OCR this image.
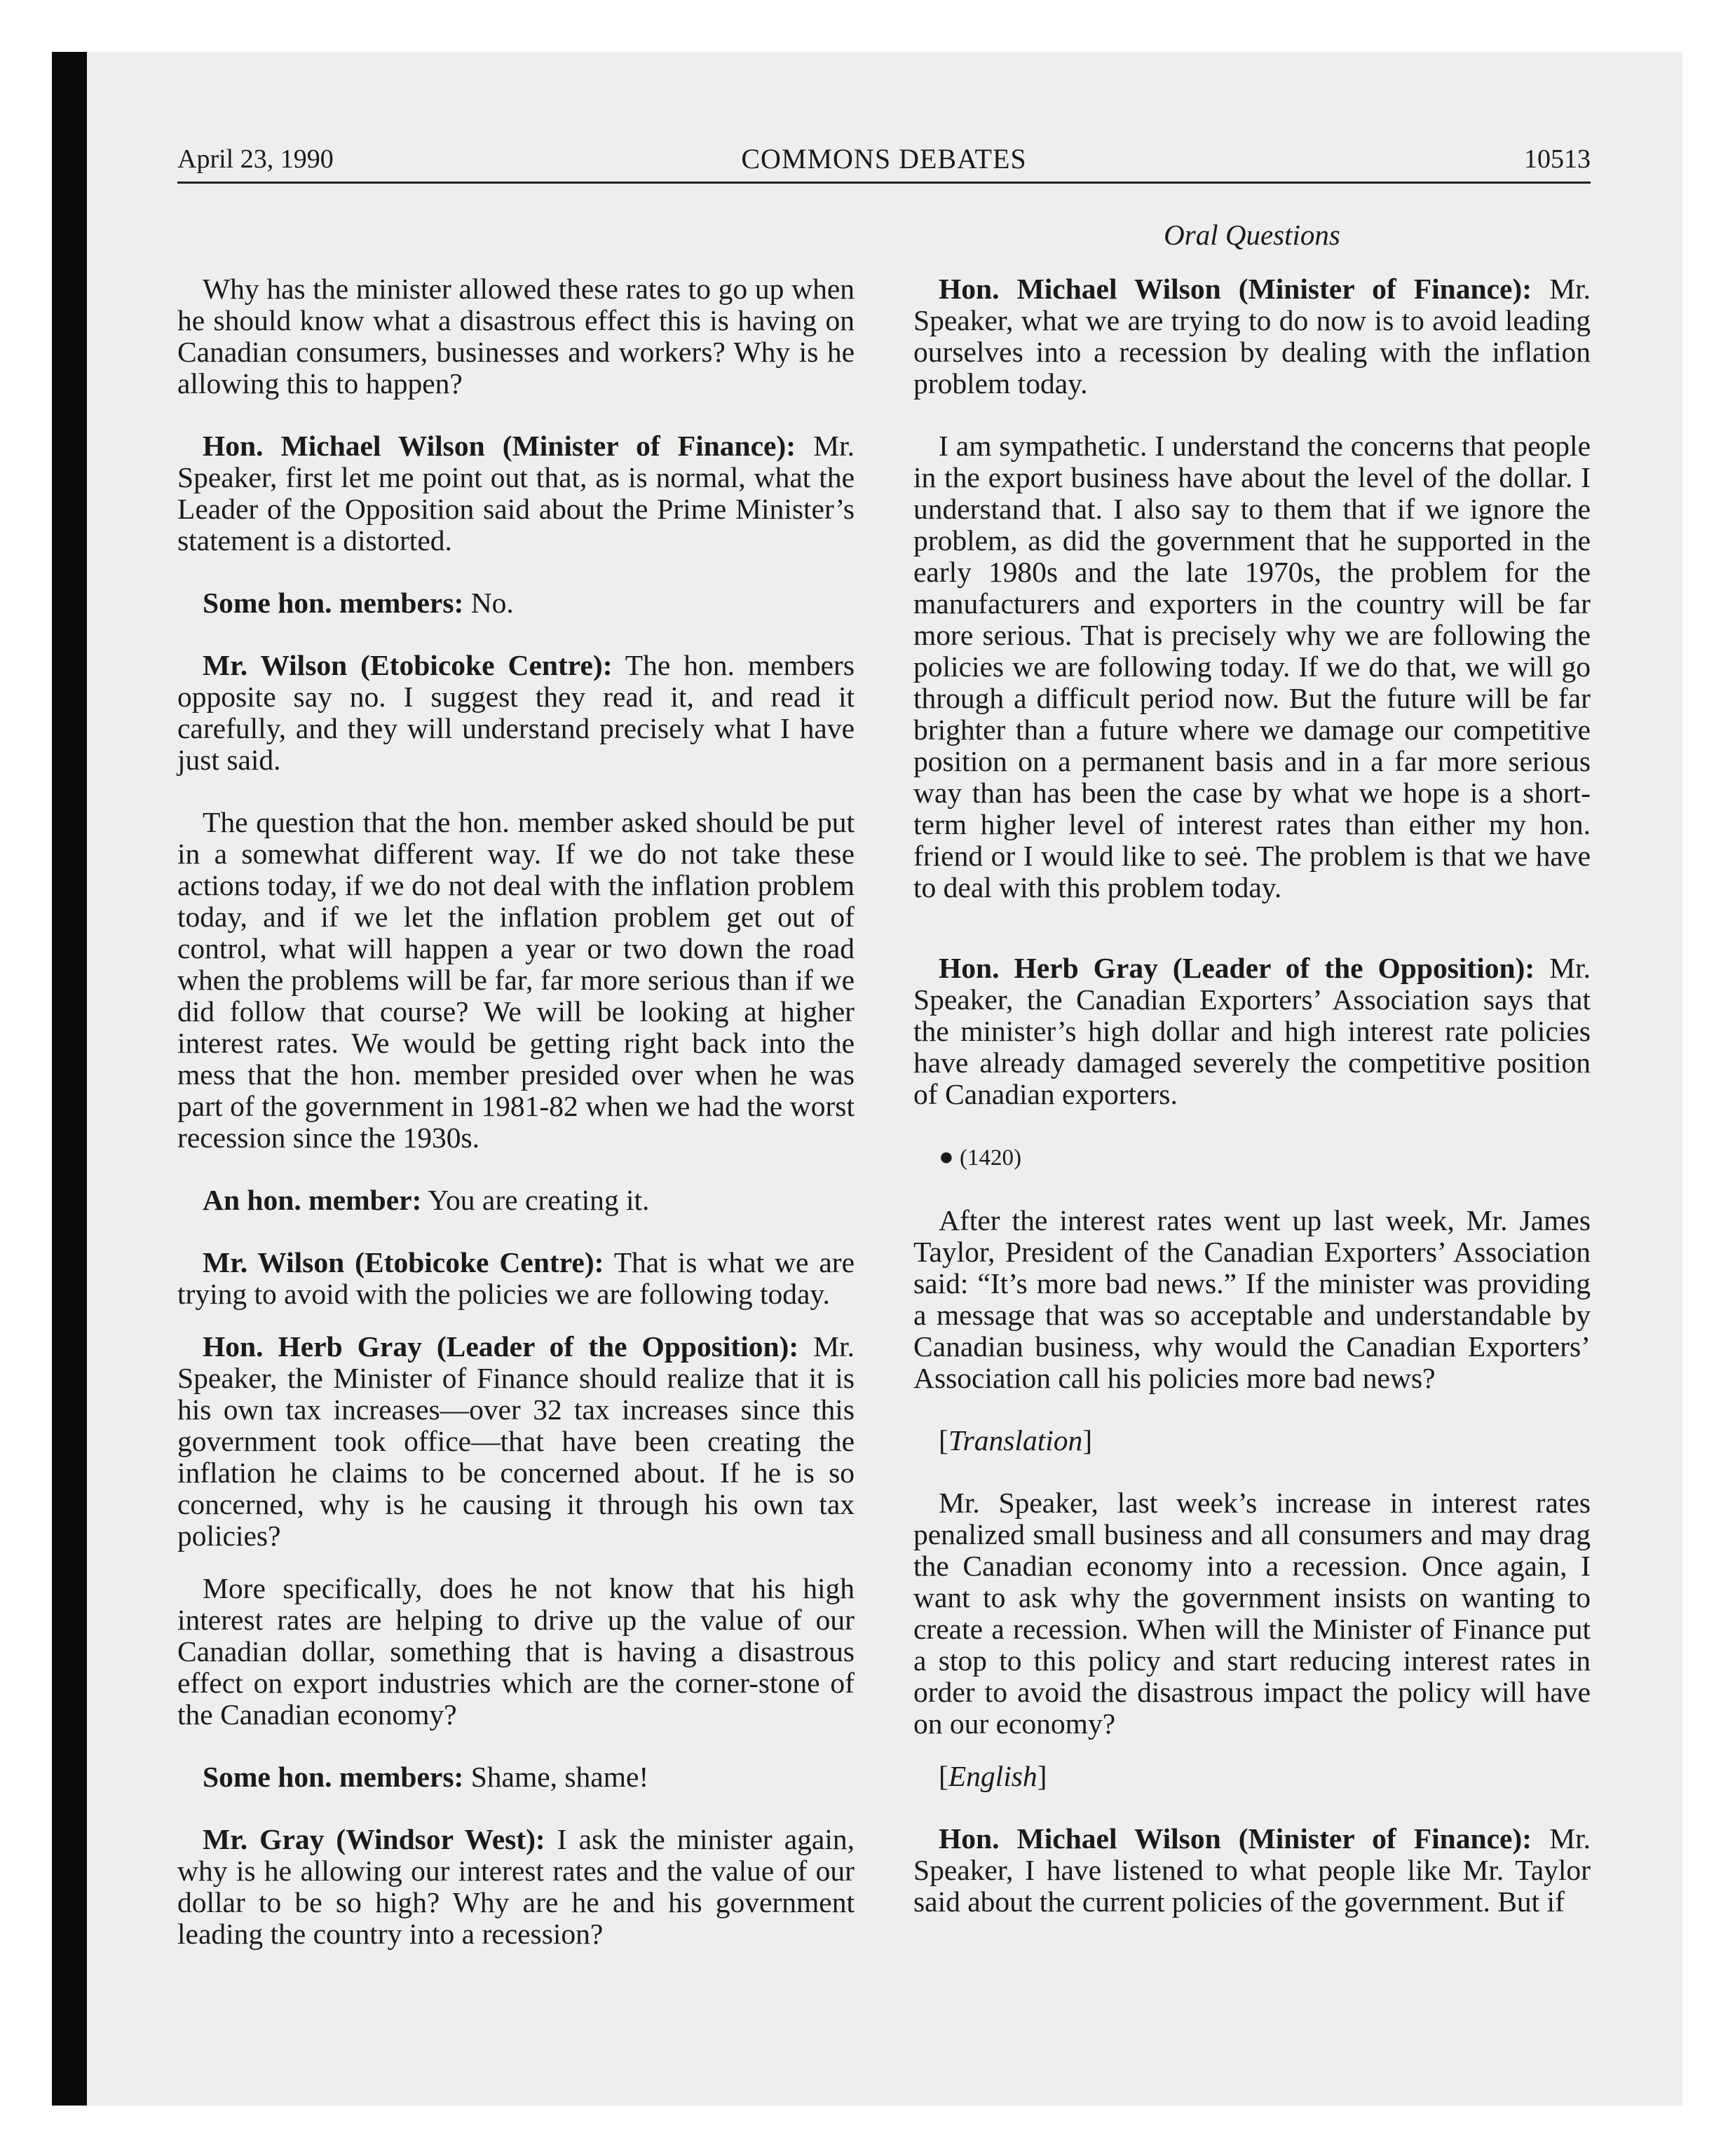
April 23, 1990	COMMONS DEBATES	10513
Oral Questions

Why has the minister allowed these rates to go up when he should know what a disastrous effect this is having on Canadian consumers, businesses and workers? Why is he allowing this to happen?

Hon. Michael Wilson (Minister of Finance): Mr. Speaker, first let me point out that, as is normal, what the Leader of the Opposition said about the Prime Minister’s statement is a distorted.

Some hon. members: No.

Mr. Wilson (Etobicoke Centre): The hon. members opposite say no. I suggest they read it, and read it carefully, and they will understand precisely what I have just said.

The question that the hon. member asked should be put in a somewhat different way. If we do not take these actions today, if we do not deal with the inflation problem today, and if we let the inflation problem get out of control, what will happen a year or two down the road when the problems will be far, far more serious than if we did follow that course? We will be looking at higher interest rates. We would be getting right back into the mess that the hon. member presided over when he was part of the government in 1981-82 when we had the worst recession since the 1930s.

An hon. member: You are creating it.

Mr. Wilson (Etobicoke Centre): That is what we are trying to avoid with the policies we are following today.

Hon. Herb Gray (Leader of the Opposition): Mr. Speaker, the Minister of Finance should realize that it is his own tax increases—over 32 tax increases since this government took office—that have been creating the inflation he claims to be concerned about. If he is so concerned, why is he causing it through his own tax policies?

More specifically, does he not know that his high interest rates are helping to drive up the value of our Canadian dollar, something that is having a disastrous effect on export industries which are the corner-stone of the Canadian economy?

Some hon. members: Shame, shame!

Mr. Gray (Windsor West): I ask the minister again, why is he allowing our interest rates and the value of our dollar to be so high? Why are he and his government leading the country into a recession?

Hon. Michael Wilson (Minister of Finance): Mr. Speaker, what we are trying to do now is to avoid leading ourselves into a recession by dealing with the inflation problem today.

I am sympathetic. I understand the concerns that people in the export business have about the level of the dollar. I understand that. I also say to them that if we ignore the problem, as did the government that he supported in the early 1980s and the late 1970s, the problem for the manufacturers and exporters in the country will be far more serious. That is precisely why we are following the policies we are following today. If we do that, we will go through a difficult period now. But the future will be far brighter than a future where we damage our competitive position on a permanent basis and in a far more serious way than has been the case by what we hope is a short-term higher level of interest rates than either my hon. friend or I would like to seė. The problem is that we have to deal with this problem today.

Hon. Herb Gray (Leader of the Opposition): Mr. Speaker, the Canadian Exporters’ Association says that the minister’s high dollar and high interest rate policies have already damaged severely the competitive position of Canadian exporters.

● (1420)

After the interest rates went up last week, Mr. James Taylor, President of the Canadian Exporters’ Association said: “It’s more bad news.” If the minister was providing a message that was so acceptable and understandable by Canadian business, why would the Canadian Exporters’ Association call his policies more bad news?

[Translation]

Mr. Speaker, last week’s increase in interest rates penalized small business and all consumers and may drag the Canadian economy into a recession. Once again, I want to ask why the government insists on wanting to create a recession. When will the Minister of Finance put a stop to this policy and start reducing interest rates in order to avoid the disastrous impact the policy will have on our economy?

[English]

Hon. Michael Wilson (Minister of Finance): Mr. Speaker, I have listened to what people like Mr. Taylor said about the current policies of the government. But if
